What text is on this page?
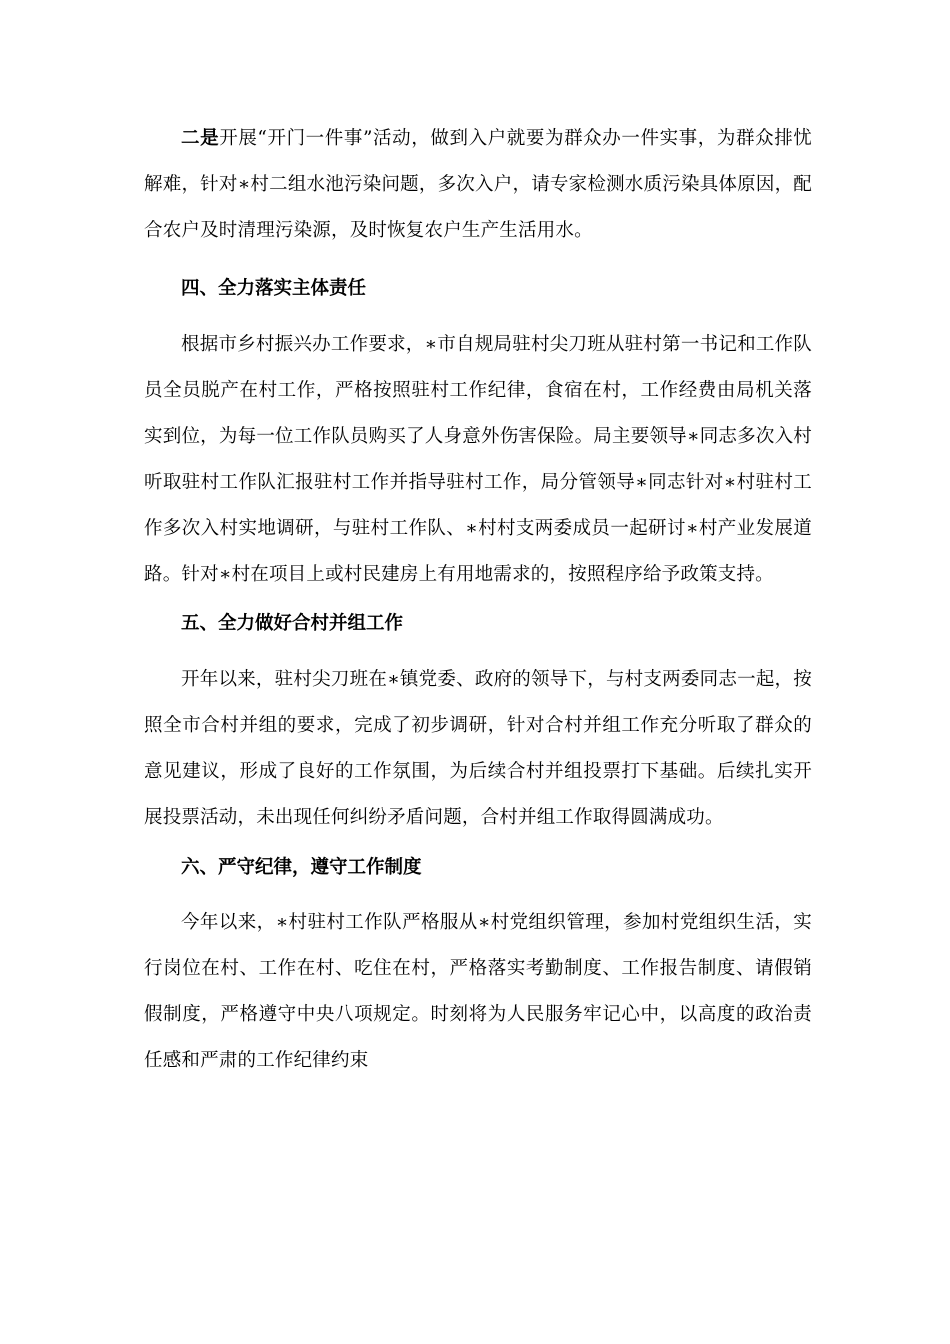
二是开展“开门一件事”活动，做到入户就要为群众办一件实事，为群众排忧解难，针对∗村二组水池污染问题，多次入户，请专家检测水质污染具体原因，配合农户及时清理污染源，及时恢复农户生产生活用水。

四、全力落实主体责任

根据市乡村振兴办工作要求，∗市自规局驻村尖刀班从驻村第一书记和工作队员全员脱产在村工作，严格按照驻村工作纪律，食宿在村，工作经费由局机关落实到位，为每一位工作队员购买了人身意外伤害保险。局主要领导∗同志多次入村听取驻村工作队汇报驻村工作并指导驻村工作，局分管领导∗同志针对∗村驻村工作多次入村实地调研，与驻村工作队、∗村村支两委成员一起研讨∗村产业发展道路。针对∗村在项目上或村民建房上有用地需求的，按照程序给予政策支持。

五、全力做好合村并组工作

开年以来，驻村尖刀班在∗镇党委、政府的领导下，与村支两委同志一起，按照全市合村并组的要求，完成了初步调研，针对合村并组工作充分听取了群众的意见建议，形成了良好的工作氛围，为后续合村并组投票打下基础。后续扎实开展投票活动，未出现任何纠纷矛盾问题，合村并组工作取得圆满成功。

六、严守纪律，遵守工作制度

今年以来，∗村驻村工作队严格服从∗村党组织管理，参加村党组织生活，实行岗位在村、工作在村、吃住在村，严格落实考勤制度、工作报告制度、请假销假制度，严格遵守中央八项规定。时刻将为人民服务牢记心中，以高度的政治责任感和严肃的工作纪律约束
